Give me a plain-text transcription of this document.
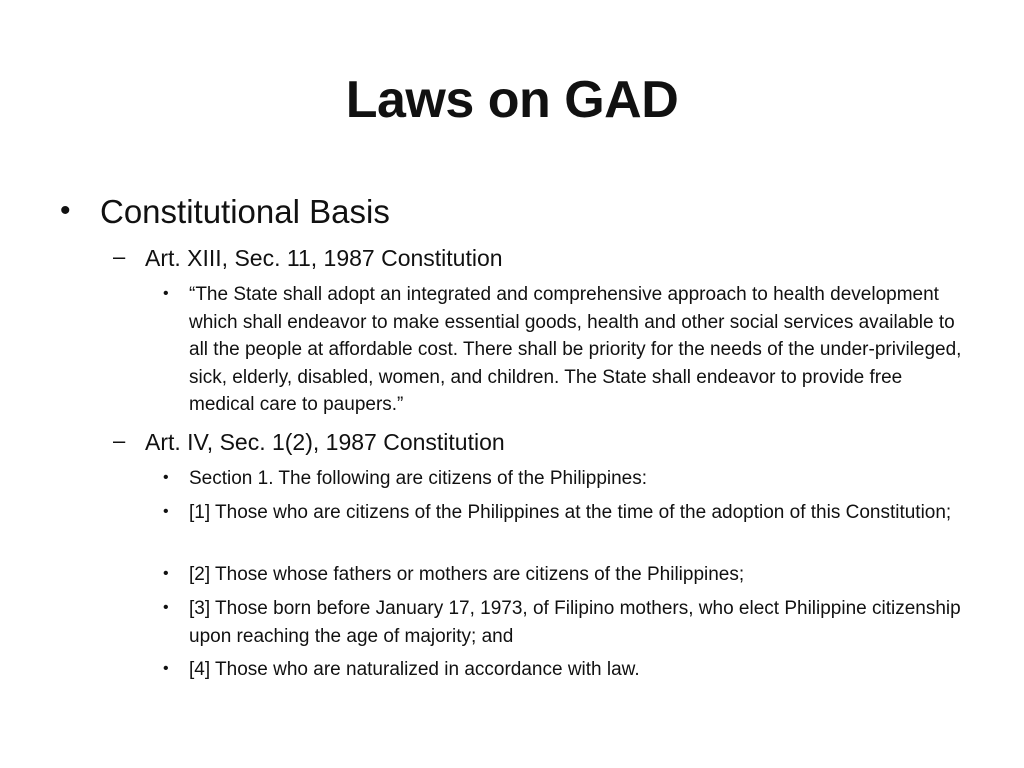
Laws on GAD
• Constitutional Basis
– Art. XIII, Sec. 11, 1987 Constitution
• “The State shall adopt an integrated and comprehensive approach to health development which shall endeavor to make essential goods, health and other social services available to all the people at affordable cost. There shall be priority for the needs of the under-privileged, sick, elderly, disabled, women, and children. The State shall endeavor to provide free medical care to paupers.”
– Art. IV, Sec. 1(2), 1987 Constitution
• Section 1. The following are citizens of the Philippines:
• [1] Those who are citizens of the Philippines at the time of the adoption of this Constitution;
• [2] Those whose fathers or mothers are citizens of the Philippines;
• [3] Those born before January 17, 1973, of Filipino mothers, who elect Philippine citizenship upon reaching the age of majority; and
• [4] Those who are naturalized in accordance with law.
